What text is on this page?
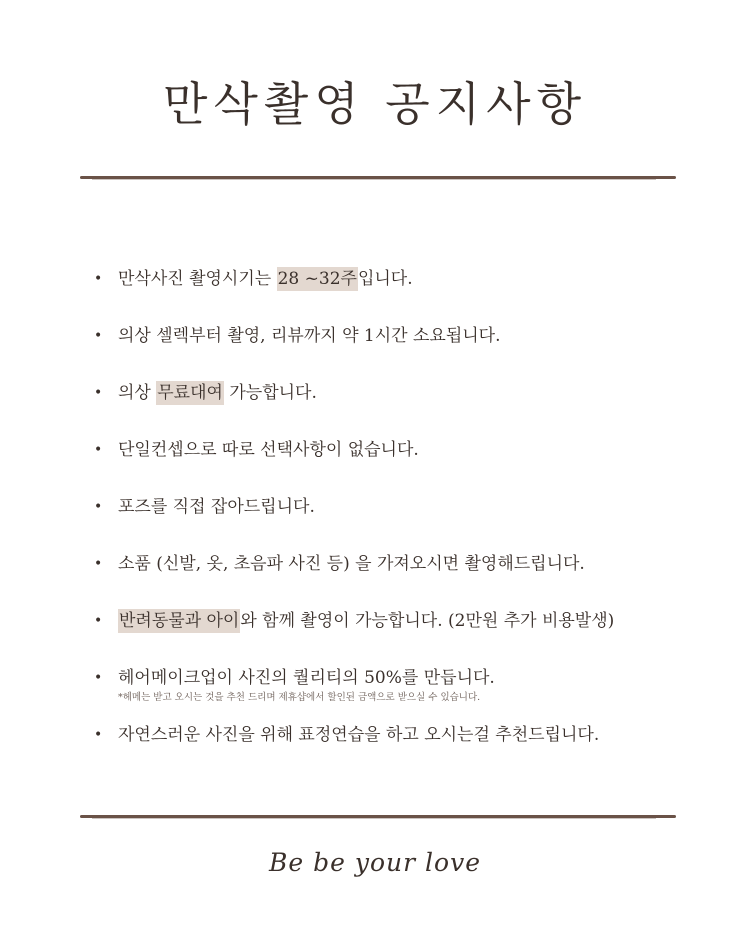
만삭촬영 공지사항
• 만삭사진 촬영시기는 28 ~32주입니다.
• 의상 셀렉부터 촬영, 리뷰까지 약 1시간 소요됩니다.
• 의상 무료대여 가능합니다.
• 단일컨셉으로 따로 선택사항이 없습니다.
• 포즈를 직접 잡아드립니다.
• 소품 (신발, 옷, 초음파 사진 등) 을 가져오시면 촬영해드립니다.
• 반려동물과 아이와 함께 촬영이 가능합니다. (2만원 추가 비용발생)
• 헤어메이크업이 사진의 퀄리티의 50%를 만듭니다.
*헤메는 받고 오시는 것을 추천 드리며 제휴샵에서 할인된 금액으로 받으실 수 있습니다.
• 자연스러운 사진을 위해 표정연습을 하고 오시는걸 추천드립니다.
Be be your love
